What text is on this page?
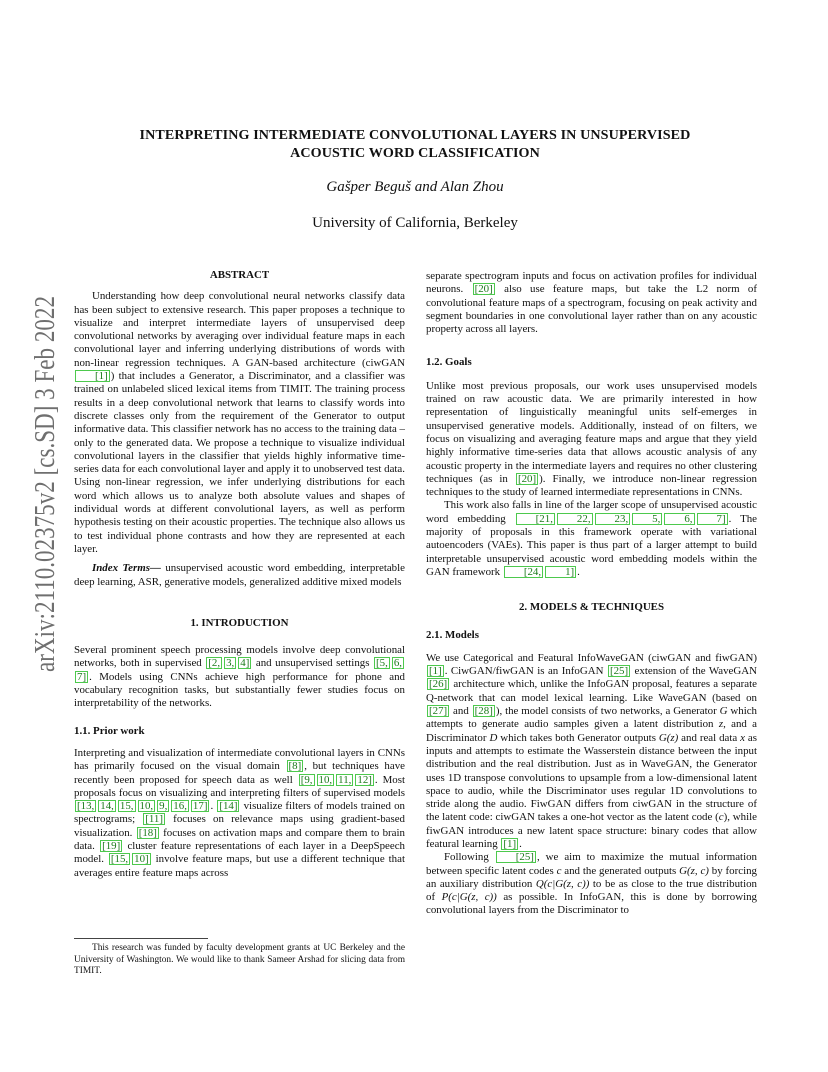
arXiv:2110.02375v2 [cs.SD] 3 Feb 2022
INTERPRETING INTERMEDIATE CONVOLUTIONAL LAYERS IN UNSUPERVISED
ACOUSTIC WORD CLASSIFICATION
Gašper Beguš and Alan Zhou
University of California, Berkeley

ABSTRACT

Understanding how deep convolutional neural networks classify data has been subject to extensive research. This paper proposes a technique to visualize and interpret intermediate layers of unsupervised deep convolutional networks by averaging over individual feature maps in each convolutional layer and inferring underlying distributions of words with non-linear regression techniques. A GAN-based architecture (ciwGAN [1] ) that includes a Generator, a Discriminator, and a classifier was trained on unlabeled sliced lexical items from TIMIT. The training process results in a deep convolutional network that learns to classify words into discrete classes only from the requirement of the Generator to output informative data. This classifier network has no access to the training data – only to the generated data. We propose a technique to visualize individual convolutional layers in the classifier that yields highly informative time-series data for each convolutional layer and apply it to unobserved test data. Using non-linear regression, we infer underlying distributions for each word which allows us to analyze both absolute values and shapes of individual words at different convolutional layers, as well as perform hypothesis testing on their acoustic properties. The technique also allows us to test individual phone contrasts and how they are represented at each layer.

Index Terms— unsupervised acoustic word embedding, interpretable deep learning, ASR, generative models, generalized additive mixed models

1. INTRODUCTION

Several prominent speech processing models involve deep convolutional networks, both in supervised [2, 3, 4] and unsupervised settings [5, 6,7] . Models using CNNs achieve high performance for phone and vocabulary recognition tasks, but substantially fewer studies focus on interpretability of the networks.

1.1. Prior work

Interpreting and visualization of intermediate convolutional layers in CNNs has primarily focused on the visual domain [8] , but techniques have recently been proposed for speech data as well [9, 10, 11, 12] . Most proposals focus on visualizing and interpreting filters of supervised models [13, 14, 15, 10, 9, 16, 17] . [14] visualize filters of models trained on spectrograms; [11] focuses on relevance maps using gradient-based visualization. [18] focuses on activation maps and compare them to brain data. [19] cluster feature representations of each layer in a DeepSpeech model. [15, 10] involve feature maps, but use a different technique that averages entire feature maps across

This research was funded by faculty development grants at UC Berkeley and the University of Washington. We would like to thank Sameer Arshad for slicing data from TIMIT.

separate spectrogram inputs and focus on activation profiles for individual neurons. [20] also use feature maps, but take the L2 norm of convolutional feature maps of a spectrogram, focusing on peak activity and segment boundaries in one convolutional layer rather than on any acoustic property across all layers.

1.2. Goals

Unlike most previous proposals, our work uses unsupervised models trained on raw acoustic data. We are primarily interested in how representation of linguistically meaningful units self-emerges in unsupervised generative models. Additionally, instead of on filters, we focus on visualizing and averaging feature maps and argue that they yield highly informative time-series data that allows acoustic analysis of any acoustic property in the intermediate layers and requires no other clustering techniques (as in [20] ). Finally, we introduce non-linear regression techniques to the study of learned intermediate representations in CNNs.

This work also falls in line of the larger scope of unsupervised acoustic word embedding [21, 22, 23, 5, 6, 7] . The majority of proposals in this framework operate with variational autoencoders (VAEs). This paper is thus part of a larger attempt to build interpretable unsupervised acoustic word embedding models within the GAN framework [24, 1] .

2. MODELS & TECHNIQUES

2.1. Models

We use Categorical and Featural InfoWaveGAN (ciwGAN and fiwGAN) [1] . CiwGAN/fiwGAN is an InfoGAN [25] extension of the WaveGAN [26] architecture which, unlike the InfoGAN proposal, features a separate Q-network that can model lexical learning. Like WaveGAN (based on [27] and [28] ), the model consists of two networks, a Generator G which attempts to generate audio samples given a latent distribution z, and a Discriminator D which takes both Generator outputs G(z) and real data x as inputs and attempts to estimate the Wasserstein distance between the input distribution and the real distribution. Just as in WaveGAN, the Generator uses 1D transpose convolutions to upsample from a low-dimensional latent space to audio, while the Discriminator uses regular 1D convolutions to stride along the audio. FiwGAN differs from ciwGAN in the structure of the latent code: ciwGAN takes a one-hot vector as the latent code (c), while fiwGAN introduces a new latent space structure: binary codes that allow featural learning [1] .

Following [25] , we aim to maximize the mutual information between specific latent codes c and the generated outputs G(z, c) by forcing an auxiliary distribution Q(c|G(z, c)) to be as close to the true distribution of P(c|G(z, c)) as possible. In InfoGAN, this is done by borrowing convolutional layers from the Discriminator to
